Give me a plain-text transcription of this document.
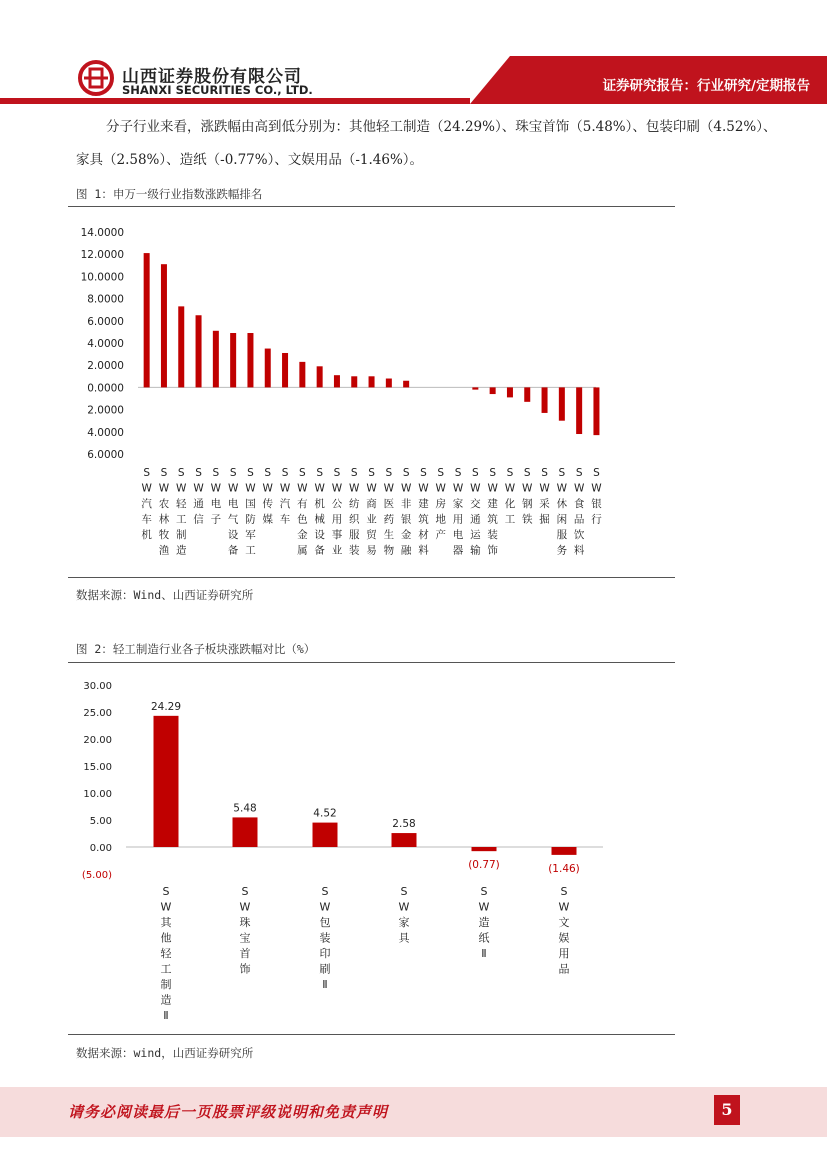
山西证券股份有限公司
SHANXI SECURITIES CO., LTD.	证券研究报告：行业研究/定期报告
分子行业来看，涨跌幅由高到低分别为：其他轻工制造（24.29%）、珠宝首饰（5.48%）、包装印刷（4.52%）、
家具（2.58%）、造纸（-0.77%）、文娱用品（-1.46%）。
图 1：申万一级行业指数涨跌幅排名
14.0000
12.0000
10.0000
8.0000
6.0000
4.0000
2.0000
0.0000
2.0000
4.0000
6.0000
S W 汽车机
S W 农林牧渔
S W 轻工制造
S W 通信
S W 电子
S W 电气设备
S W 国防军工
S W 传媒
S W 汽车
S W 有色金属
S W 机械设备
S W 公用事业
S W 纺织服装
S W 商业贸易
S W 医药生物
S W 非银金融
S W 建筑材料
S W 房地产
S W 家用电器
S W 交通运输
S W 建筑装饰
S W 化工
S W 钢铁
S W 采掘
S W 休闲服务
S W 食品饮料
S W 银行
数据来源：Wind、山西证券研究所
图 2：轻工制造行业各子板块涨跌幅对比（%）
30.00
25.00
20.00
15.00
10.00
5.00
0.00
(5.00)
24.29
S W 其他轻工制造 Ⅱ
5.48
S W 珠宝首饰
4.52
S W 包装印刷 Ⅱ
2.58
S W 家具
(0.77)
S W 造纸 Ⅱ
(1.46)
S W 文娱用品
数据来源：wind，山西证券研究所
请务必阅读最后一页股票评级说明和免责声明	5
